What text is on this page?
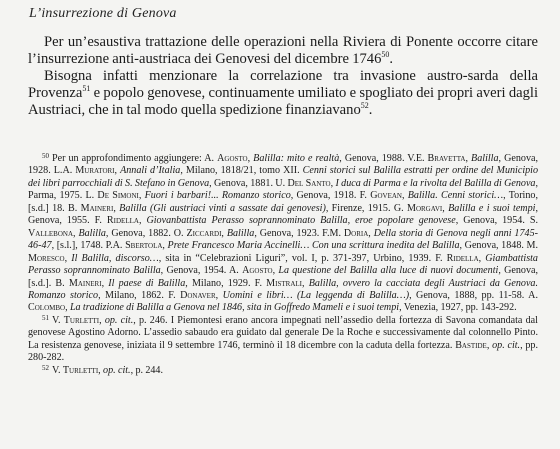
L’insurrezione di Genova

Per un’esaustiva trattazione delle operazioni nella Riviera di Ponente occorre citare l’insurrezione anti-austriaca dei Genovesi del dicembre 1746$^{50}$.

Bisogna infatti menzionare la correlazione tra invasione austro-sarda della Provenza$^{51}$ e popolo genovese, continuamente umiliato e spogliato dei propri averi dagli Austriaci, che in tal modo quella spedizione finanziavano$^{52}$.

$^{50}$ Per un approfondimento aggiungere: A. Agosto, Balilla: mito e realtà, Genova, 1988. V.E. Bravetta, Balilla, Genova, 1928. L.A. Muratori, Annali d’Italia, Milano, 1818/21, tomo XII. Cenni storici sul Balilla estratti per ordine del Municipio dei libri parrocchiali di S. Stefano in Genova, Genova, 1881. U. Del Santo, I duca di Parma e la rivolta del Balilla di Genova, Parma, 1975. L. De Simoni, Fuori i barbari!... Romanzo storico, Genova, 1918. F. Govean, Balilla. Cenni storici…, Torino, [s.d.] 18. B. Maineri, Balilla (Gli austriaci vinti a sassate dai genovesi), Firenze, 1915. G. Morgavi, Balilla e i suoi tempi, Genova, 1955. F. Ridella, Giovanbattista Perasso soprannominato Balilla, eroe popolare genovese, Genova, 1954. S. Vallebona, Balilla, Genova, 1882. O. Ziccardi, Balilla, Genova, 1923. F.M. Doria, Della storia di Genova negli anni 1745-46-47, [s.l.], 1748. P.A. Sbertola, Prete Francesco Maria Accinelli… Con una scrittura inedita del Balilla, Genova, 1848. M. Moresco, Il Balilla, discorso…, sita in “Celebrazioni Liguri”, vol. I, p. 371-397, Urbino, 1939. F. Ridella, Giambattista Perasso soprannominato Balilla, Genova, 1954. A. Agosto, La questione del Balilla alla luce di nuovi documenti, Genova, [s.d.]. B. Maineri, Il paese di Balilla, Milano, 1929. F. Mistrali, Balilla, ovvero la cacciata degli Austriaci da Genova. Romanzo storico, Milano, 1862. F. Donaver, Uomini e libri… (La leggenda di Balilla…), Genova, 1888, pp. 11-58. A. Colombo, La tradizione di Balilla a Genova nel 1846, sita in Goffredo Mameli e i suoi tempi, Venezia, 1927, pp. 143-292.

$^{51}$ V. Turletti, op. cit., p. 246. I Piemontesi erano ancora impegnati nell’assedio della fortezza di Savona comandata dal genovese Agostino Adorno. L’assedio sabaudo era guidato dal generale De la Roche e successivamente dal colonnello Pinto. La resistenza genovese, iniziata il 9 settembre 1746, terminò il 18 dicembre con la caduta della fortezza. Bastide, op. cit., pp. 280-282.

$^{52}$ V. Turletti, op. cit., p. 244.
